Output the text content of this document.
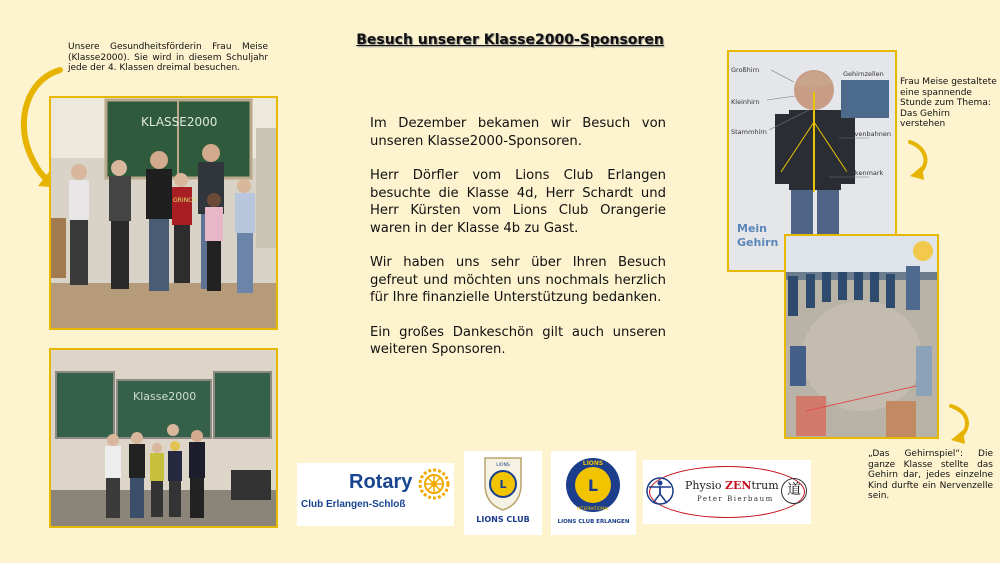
Besuch unserer Klasse2000-Sponsoren
Unsere Gesundheitsförderin Frau Meise (Klasse2000). Sie wird in diesem Schuljahr jede der 4. Klassen dreimal besuchen.
KLASSE2000
GRINCH
Klasse2000

Im Dezember bekamen wir Besuch von unseren Klasse2000-Sponsoren.

Herr Dörfler vom Lions Club Erlangen besuchte die Klasse 4d, Herr Schardt und Herr Kürsten vom Lions Club Orangerie waren in der Klasse 4b zu Gast.

Wir haben uns sehr über Ihren Besuch gefreut und möchten uns nochmals herzlich für Ihre finanzielle Unterstützung bedanken.

Ein großes Dankeschön gilt auch unseren weiteren Sponsoren.

Großhirn
Kleinhirn
Stammhirn
Gehirnzellen
Nervenbahnen
Rückenmark
Mein
Gehirn
Frau Meise gestaltete eine spannende Stunde zum Thema: Das Gehirn verstehen
„Das Gehirnspiel“: Die ganze Klasse stellte das Gehirn dar, jedes einzelne Kind durfte ein Nervenzelle sein.
Rotary
Club Erlangen-Schloß
L
LIONS
LIONS CLUB
L
LIONS
INTERNATIONAL
LIONS CLUB ERLANGEN
Physio ZENtrum
Peter Bierbaum
道
